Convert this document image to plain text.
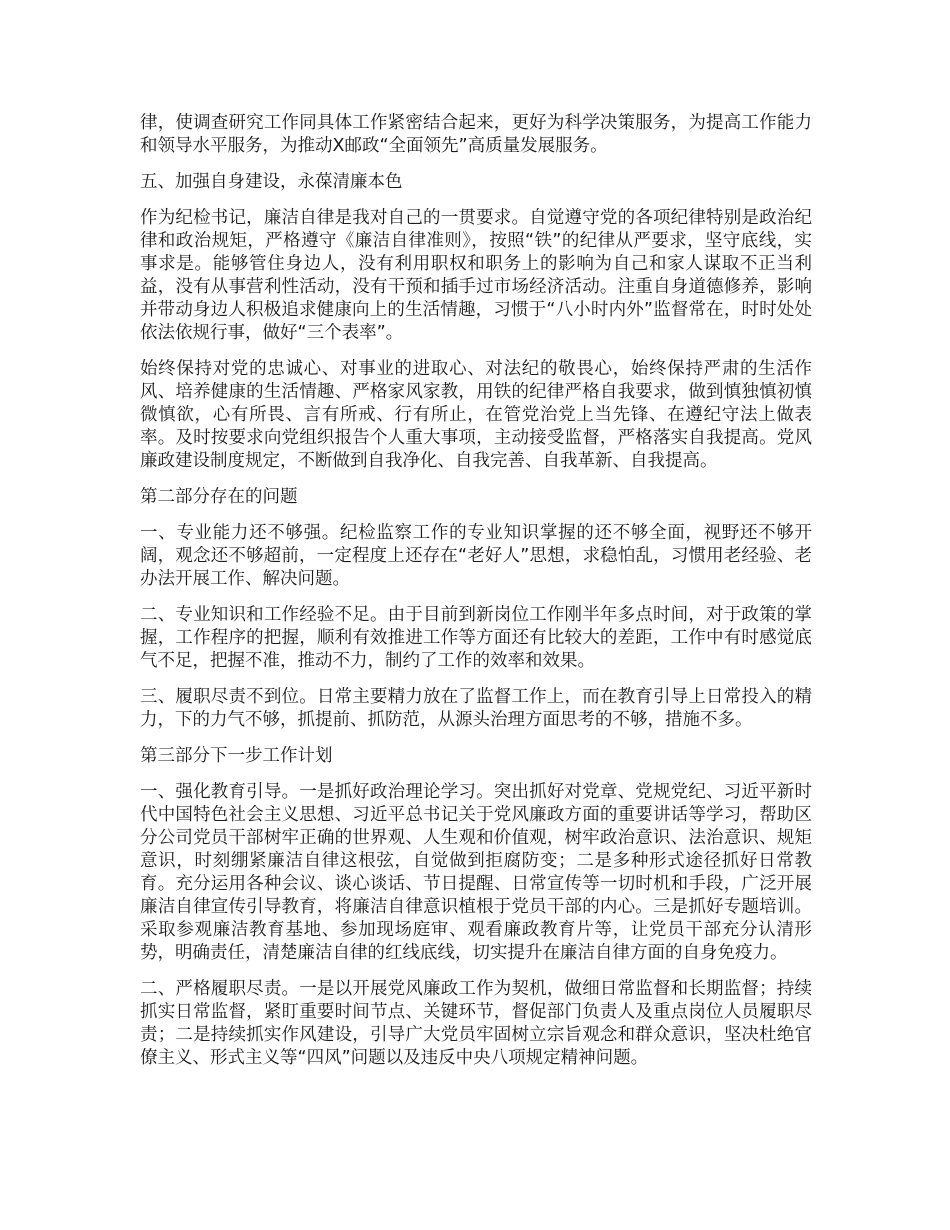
律，使调查研究工作同具体工作紧密结合起来，更好为科学决策服务，为提高工作能力和领导水平服务，为推动X邮政“全面领先”高质量发展服务。

五、加强自身建设，永葆清廉本色

作为纪检书记，廉洁自律是我对自己的一贯要求。自觉遵守党的各项纪律特别是政治纪律和政治规矩，严格遵守《廉洁自律准则》，按照“铁”的纪律从严要求，坚守底线，实事求是。能够管住身边人，没有利用职权和职务上的影响为自己和家人谋取不正当利益，没有从事营利性活动，没有干预和插手过市场经济活动。注重自身道德修养，影响并带动身边人积极追求健康向上的生活情趣，习惯于“八小时内外”监督常在，时时处处依法依规行事，做好“三个表率”。

始终保持对党的忠诚心、对事业的进取心、对法纪的敬畏心，始终保持严肃的生活作风、培养健康的生活情趣、严格家风家教，用铁的纪律严格自我要求，做到慎独慎初慎微慎欲，心有所畏、言有所戒、行有所止，在管党治党上当先锋、在遵纪守法上做表率。及时按要求向党组织报告个人重大事项，主动接受监督，严格落实自我提高。党风廉政建设制度规定，不断做到自我净化、自我完善、自我革新、自我提高。

第二部分存在的问题

一、专业能力还不够强。纪检监察工作的专业知识掌握的还不够全面，视野还不够开阔，观念还不够超前，一定程度上还存在“老好人”思想，求稳怕乱，习惯用老经验、老办法开展工作、解决问题。

二、专业知识和工作经验不足。由于目前到新岗位工作刚半年多点时间，对于政策的掌握，工作程序的把握，顺利有效推进工作等方面还有比较大的差距，工作中有时感觉底气不足，把握不准，推动不力，制约了工作的效率和效果。

三、履职尽责不到位。日常主要精力放在了监督工作上，而在教育引导上日常投入的精力，下的力气不够，抓提前、抓防范，从源头治理方面思考的不够，措施不多。

第三部分下一步工作计划

一、强化教育引导。一是抓好政治理论学习。突出抓好对党章、党规党纪、习近平新时代中国特色社会主义思想、习近平总书记关于党风廉政方面的重要讲话等学习，帮助区分公司党员干部树牢正确的世界观、人生观和价值观，树牢政治意识、法治意识、规矩意识，时刻绷紧廉洁自律这根弦，自觉做到拒腐防变；二是多种形式途径抓好日常教育。充分运用各种会议、谈心谈话、节日提醒、日常宣传等一切时机和手段，广泛开展廉洁自律宣传引导教育，将廉洁自律意识植根于党员干部的内心。三是抓好专题培训。采取参观廉洁教育基地、参加现场庭审、观看廉政教育片等，让党员干部充分认清形势，明确责任，清楚廉洁自律的红线底线，切实提升在廉洁自律方面的自身免疫力。

二、严格履职尽责。一是以开展党风廉政工作为契机，做细日常监督和长期监督；持续抓实日常监督，紧盯重要时间节点、关键环节，督促部门负责人及重点岗位人员履职尽责；二是持续抓实作风建设，引导广大党员牢固树立宗旨观念和群众意识，坚决杜绝官僚主义、形式主义等“四风”问题以及违反中央八项规定精神问题。
